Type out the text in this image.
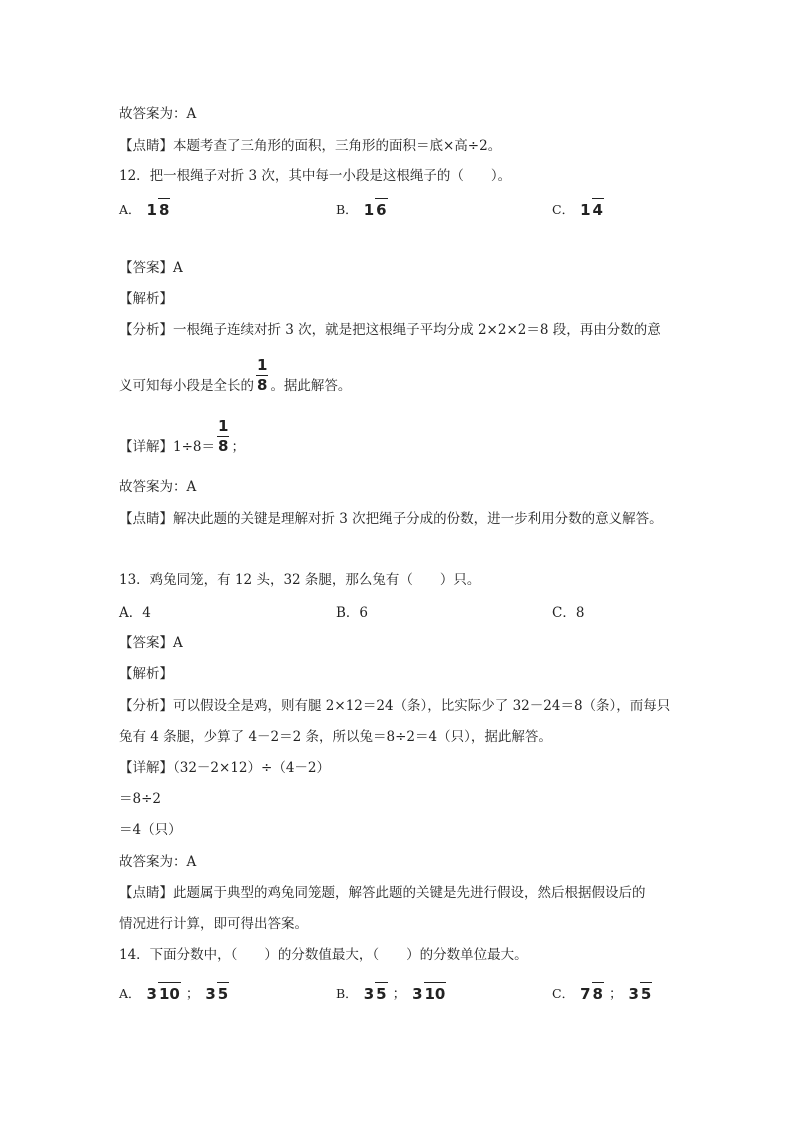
故答案为：A
【点睛】本题考查了三角形的面积，三角形的面积＝底×高÷2。
12．把一根绳子对折 3 次，其中每一小段是这根绳子的（　　）。
A． 1 8	B． 1 6	C． 1 4
【答案】A
【解析】
【分析】一根绳子连续对折 3 次，就是把这根绳子平均分成 2×2×2＝8 段，再由分数的意
义可知每小段是全长的 $\frac{1}{8}$ 。据此解答。
【详解】$1\div 8= \frac{1}{8}$ ；
故答案为：A
【点睛】解决此题的关键是理解对折 3 次把绳子分成的份数，进一步利用分数的意义解答。
13．鸡兔同笼，有 12 头，32 条腿，那么兔有（　　）只。
A．4	B．6	C．8
【答案】A
【解析】
【分析】可以假设全是鸡，则有腿 2×12＝24（条），比实际少了 32－24＝8（条），而每只
兔有 4 条腿，少算了 4－2＝2 条，所以兔＝8÷2＝4（只），据此解答。
【详解】（32－2×12）÷（4－2）
＝8÷2
＝4（只）
故答案为：A
【点睛】此题属于典型的鸡兔同笼题，解答此题的关键是先进行假设，然后根据假设后的
情况进行计算，即可得出答案。
14．下面分数中，（　　）的分数值最大，（　　）的分数单位最大。
A． 3 10 ； 3 5	B． 3 5 ； 3 10	C． 7 8 ； 3 5
